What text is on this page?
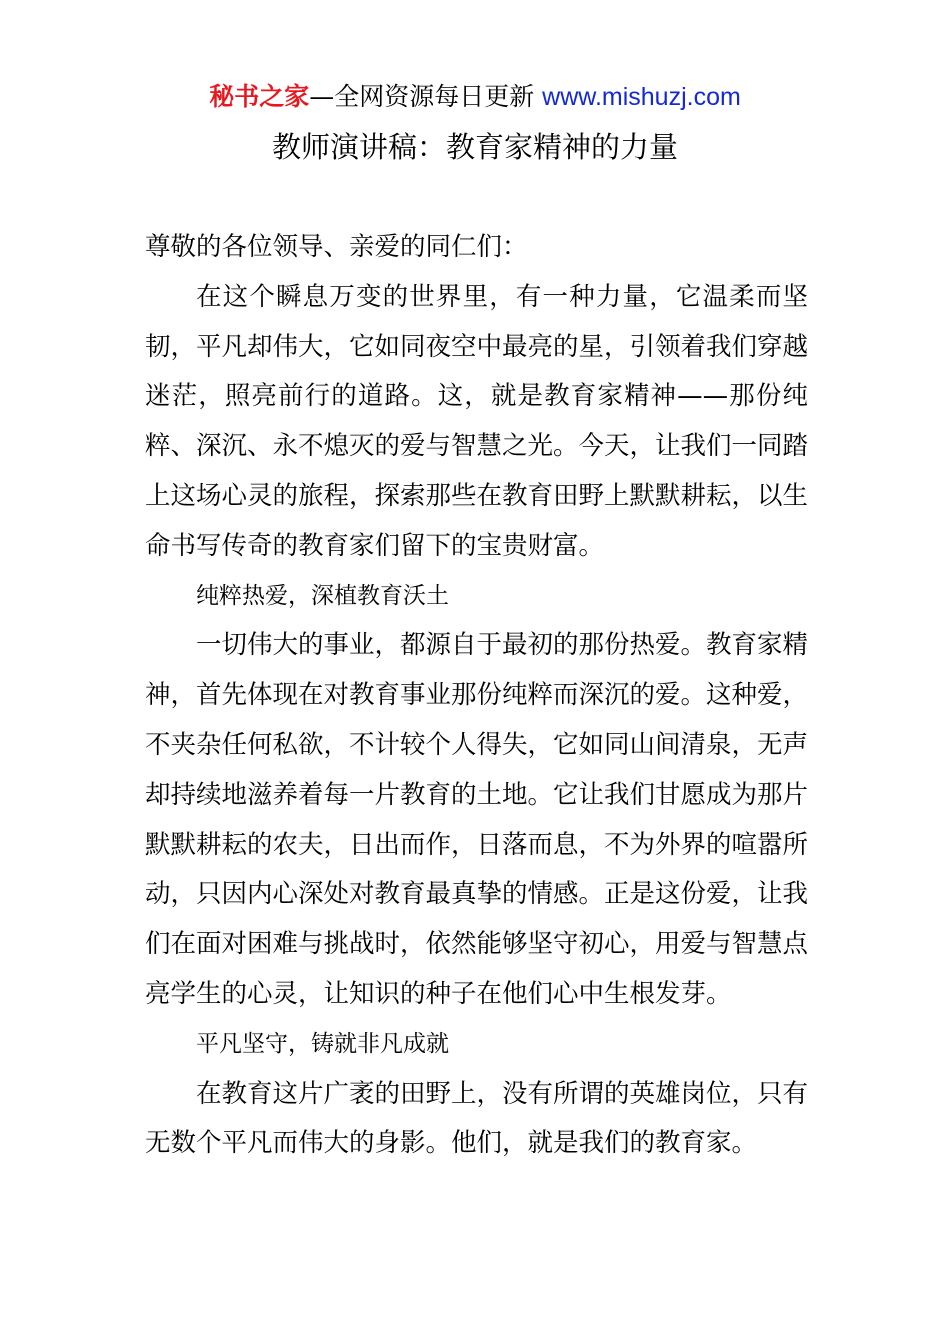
秘书之家—全网资源每日更新 www.mishuzj.com
教师演讲稿：教育家精神的力量

尊敬的各位领导、亲爱的同仁们：

在这个瞬息万变的世界里，有一种力量，它温柔而坚韧，平凡却伟大，它如同夜空中最亮的星，引领着我们穿越迷茫，照亮前行的道路。这，就是教育家精神——那份纯粹、深沉、永不熄灭的爱与智慧之光。今天，让我们一同踏上这场心灵的旅程，探索那些在教育田野上默默耕耘，以生命书写传奇的教育家们留下的宝贵财富。

纯粹热爱，深植教育沃土

一切伟大的事业，都源自于最初的那份热爱。教育家精神，首先体现在对教育事业那份纯粹而深沉的爱。这种爱，不夹杂任何私欲，不计较个人得失，它如同山间清泉，无声却持续地滋养着每一片教育的土地。它让我们甘愿成为那片默默耕耘的农夫，日出而作，日落而息，不为外界的喧嚣所动，只因内心深处对教育最真挚的情感。正是这份爱，让我们在面对困难与挑战时，依然能够坚守初心，用爱与智慧点亮学生的心灵，让知识的种子在他们心中生根发芽。

平凡坚守，铸就非凡成就

在教育这片广袤的田野上，没有所谓的英雄岗位，只有无数个平凡而伟大的身影。他们，就是我们的教育家。
